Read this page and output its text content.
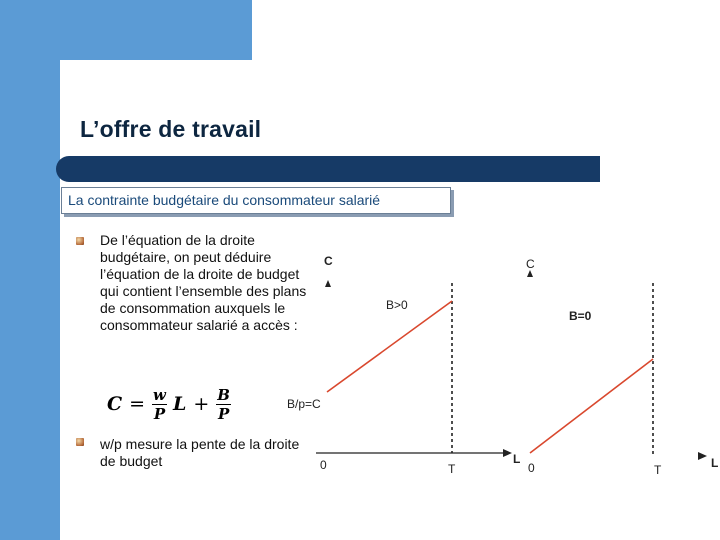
L’offre de travail
La contrainte budgétaire du consommateur salarié
De l’équation de la droite budgétaire, on peut déduire l’équation de la droite de budget qui contient l’ensemble des plans de consommation auxquels le consommateur salarié a accès :
$C = \frac{w}{P}$ $L + \frac{B}{P}$
w/p mesure la pente de la droite de budget
C
L
0	T
B>0
B/p=C
C
B=0
0	T	L
